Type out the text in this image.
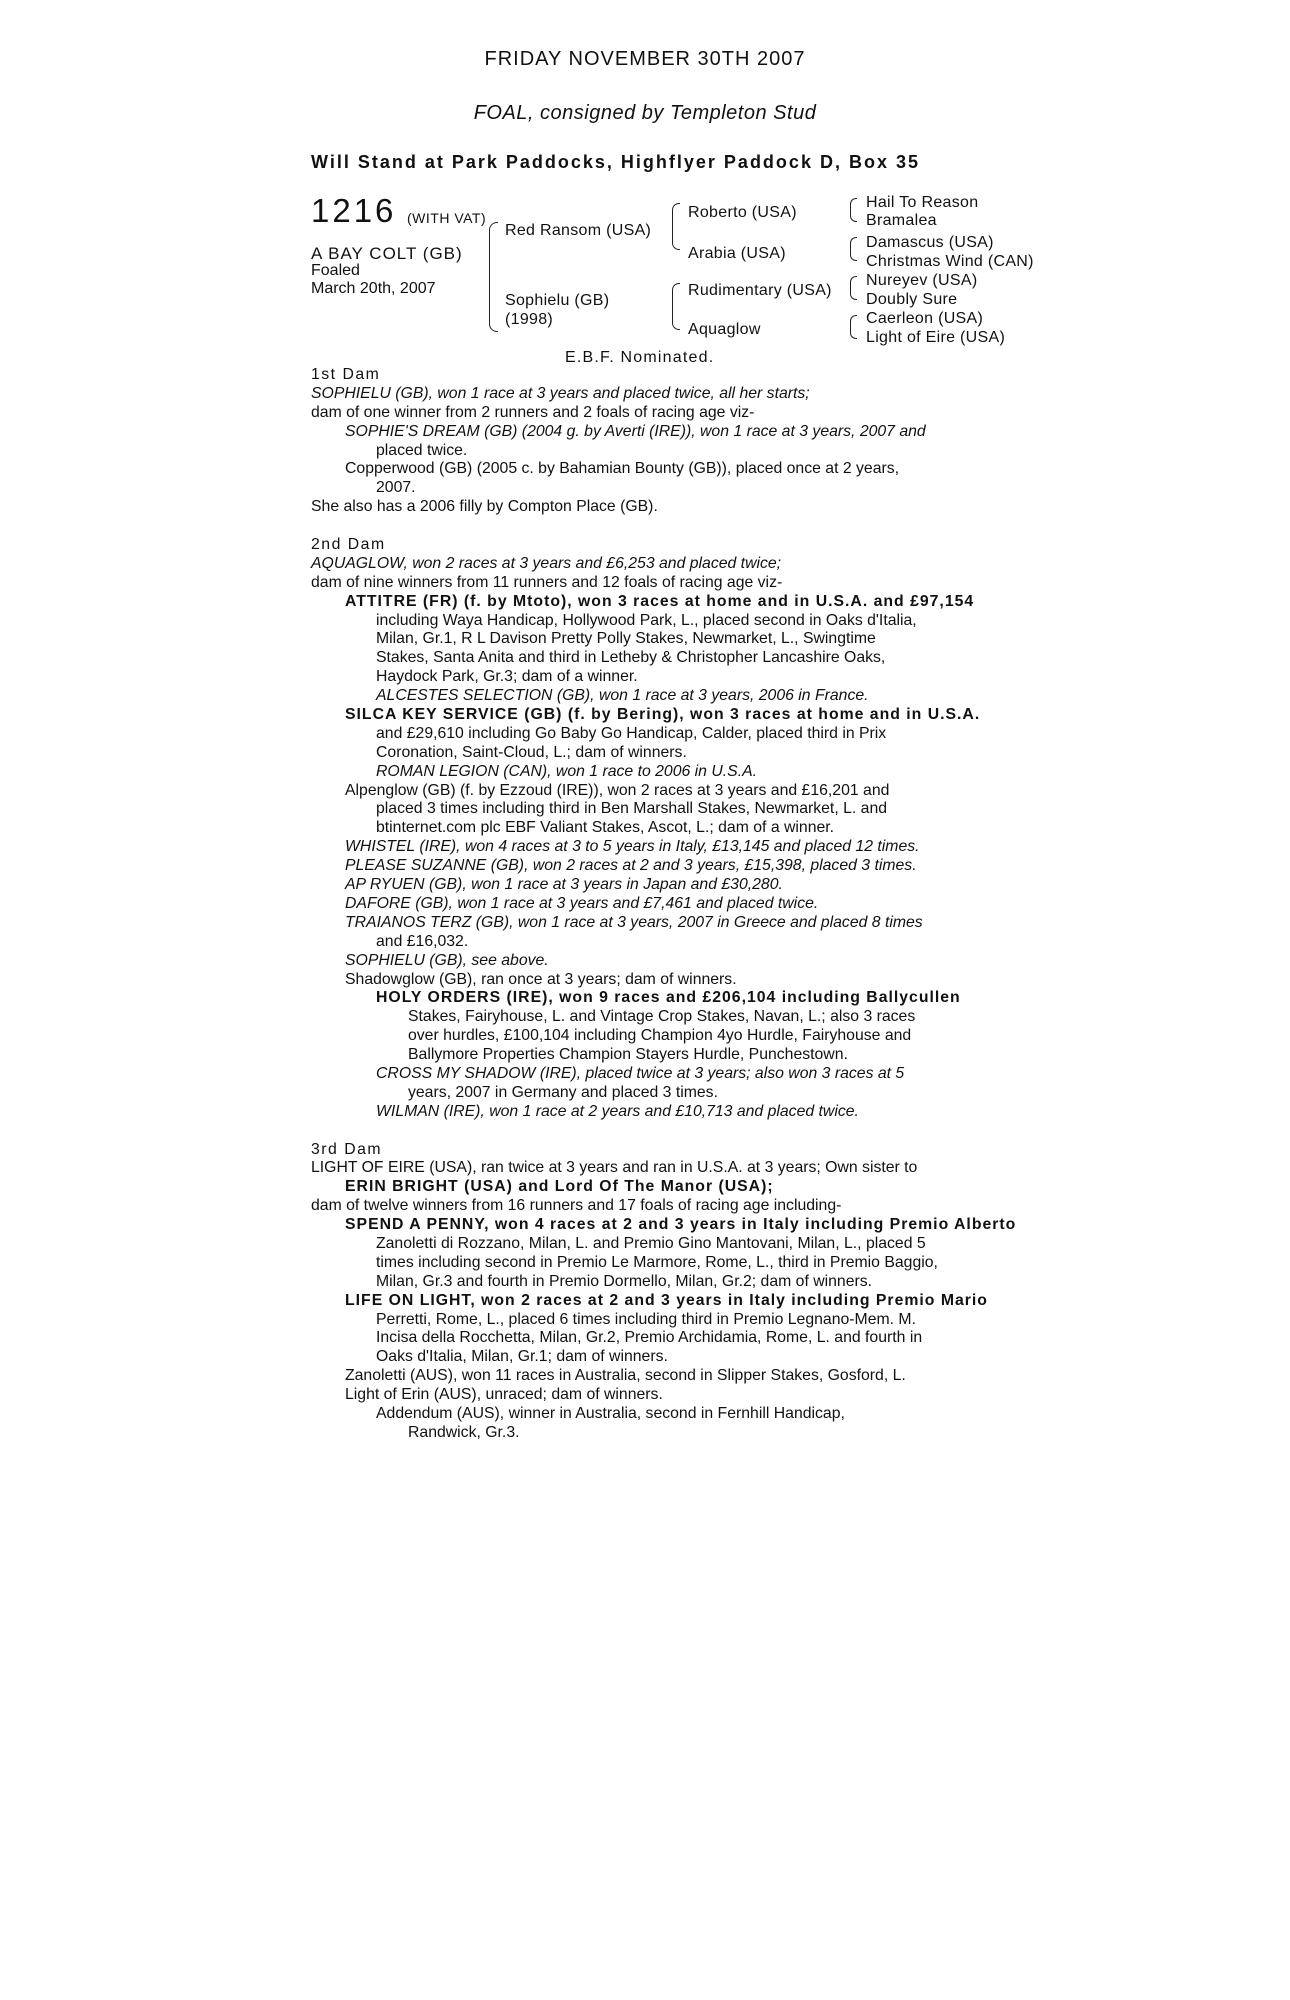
FRIDAY NOVEMBER 30TH 2007
FOAL, consigned by Templeton Stud
Will Stand at Park Paddocks, Highflyer Paddock D, Box 35
1216 (WITH VAT)
A BAY COLT (GB)
Foaled
March 20th, 2007
Red Ransom (USA)
Sophielu (GB)
(1998)
Roberto (USA)
Arabia (USA)
Rudimentary (USA)
Aquaglow
Hail To Reason
Bramalea
Damascus (USA)
Christmas Wind (CAN)
Nureyev (USA)
Doubly Sure
Caerleon (USA)
Light of Eire (USA)
E.B.F. Nominated.
1st Dam
SOPHIELU (GB), won 1 race at 3 years and placed twice, all her starts;
dam of one winner from 2 runners and 2 foals of racing age viz-
SOPHIE'S DREAM (GB) (2004 g. by Averti (IRE)), won 1 race at 3 years, 2007 and
placed twice.
Copperwood (GB) (2005 c. by Bahamian Bounty (GB)), placed once at 2 years,
2007.
She also has a 2006 filly by Compton Place (GB).
2nd Dam
AQUAGLOW, won 2 races at 3 years and £6,253 and placed twice;
dam of nine winners from 11 runners and 12 foals of racing age viz-
ATTITRE (FR) (f. by Mtoto), won 3 races at home and in U.S.A. and £97,154
including Waya Handicap, Hollywood Park, L., placed second in Oaks d'Italia,
Milan, Gr.1, R L Davison Pretty Polly Stakes, Newmarket, L., Swingtime
Stakes, Santa Anita and third in Letheby & Christopher Lancashire Oaks,
Haydock Park, Gr.3; dam of a winner.
ALCESTES SELECTION (GB), won 1 race at 3 years, 2006 in France.
SILCA KEY SERVICE (GB) (f. by Bering), won 3 races at home and in U.S.A.
and £29,610 including Go Baby Go Handicap, Calder, placed third in Prix
Coronation, Saint-Cloud, L.; dam of winners.
ROMAN LEGION (CAN), won 1 race to 2006 in U.S.A.
Alpenglow (GB) (f. by Ezzoud (IRE)), won 2 races at 3 years and £16,201 and
placed 3 times including third in Ben Marshall Stakes, Newmarket, L. and
btinternet.com plc EBF Valiant Stakes, Ascot, L.; dam of a winner.
WHISTEL (IRE), won 4 races at 3 to 5 years in Italy, £13,145 and placed 12 times.
PLEASE SUZANNE (GB), won 2 races at 2 and 3 years, £15,398, placed 3 times.
AP RYUEN (GB), won 1 race at 3 years in Japan and £30,280.
DAFORE (GB), won 1 race at 3 years and £7,461 and placed twice.
TRAIANOS TERZ (GB), won 1 race at 3 years, 2007 in Greece and placed 8 times
and £16,032.
SOPHIELU (GB), see above.
Shadowglow (GB), ran once at 3 years; dam of winners.
HOLY ORDERS (IRE), won 9 races and £206,104 including Ballycullen
Stakes, Fairyhouse, L. and Vintage Crop Stakes, Navan, L.; also 3 races
over hurdles, £100,104 including Champion 4yo Hurdle, Fairyhouse and
Ballymore Properties Champion Stayers Hurdle, Punchestown.
CROSS MY SHADOW (IRE), placed twice at 3 years; also won 3 races at 5
years, 2007 in Germany and placed 3 times.
WILMAN (IRE), won 1 race at 2 years and £10,713 and placed twice.
3rd Dam
LIGHT OF EIRE (USA), ran twice at 3 years and ran in U.S.A. at 3 years; Own sister to
ERIN BRIGHT (USA) and Lord Of The Manor (USA);
dam of twelve winners from 16 runners and 17 foals of racing age including-
SPEND A PENNY, won 4 races at 2 and 3 years in Italy including Premio Alberto
Zanoletti di Rozzano, Milan, L. and Premio Gino Mantovani, Milan, L., placed 5
times including second in Premio Le Marmore, Rome, L., third in Premio Baggio,
Milan, Gr.3 and fourth in Premio Dormello, Milan, Gr.2; dam of winners.
LIFE ON LIGHT, won 2 races at 2 and 3 years in Italy including Premio Mario
Perretti, Rome, L., placed 6 times including third in Premio Legnano-Mem. M.
Incisa della Rocchetta, Milan, Gr.2, Premio Archidamia, Rome, L. and fourth in
Oaks d'Italia, Milan, Gr.1; dam of winners.
Zanoletti (AUS), won 11 races in Australia, second in Slipper Stakes, Gosford, L.
Light of Erin (AUS), unraced; dam of winners.
Addendum (AUS), winner in Australia, second in Fernhill Handicap,
Randwick, Gr.3.
